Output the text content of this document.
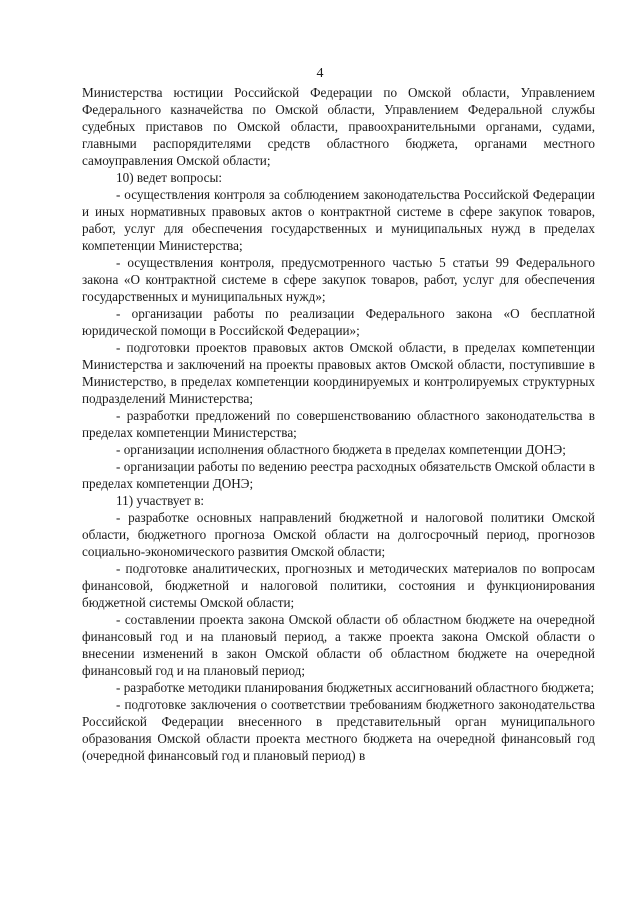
4

Министерства юстиции Российской Федерации по Омской области, Управлением Федерального казначейства по Омской области, Управлением Федеральной службы судебных приставов по Омской области, правоохранительными органами, судами, главными распорядителями средств областного бюджета, органами местного самоуправления Омской области;

10) ведет вопросы:

- осуществления контроля за соблюдением законодательства Российской Федерации и иных нормативных правовых актов о контрактной системе в сфере закупок товаров, работ, услуг для обеспечения государственных и муниципальных нужд в пределах компетенции Министерства;

- осуществления контроля, предусмотренного частью 5 статьи 99 Федерального закона «О контрактной системе в сфере закупок товаров, работ, услуг для обеспечения государственных и муниципальных нужд»;

- организации работы по реализации Федерального закона «О бесплатной юридической помощи в Российской Федерации»;

- подготовки проектов правовых актов Омской области, в пределах компетенции Министерства и заключений на проекты правовых актов Омской области, поступившие в Министерство, в пределах компетенции координируемых и контролируемых структурных подразделений Министерства;

- разработки предложений по совершенствованию областного законодательства в пределах компетенции Министерства;

- организации исполнения областного бюджета в пределах компетенции ДОНЭ;

- организации работы по ведению реестра расходных обязательств Омской области в пределах компетенции ДОНЭ;

11) участвует в:

- разработке основных направлений бюджетной и налоговой политики Омской области, бюджетного прогноза Омской области на долгосрочный период, прогнозов социально-экономического развития Омской области;

- подготовке аналитических, прогнозных и методических материалов по вопросам финансовой, бюджетной и налоговой политики, состояния и функционирования бюджетной системы Омской области;

- составлении проекта закона Омской области об областном бюджете на очередной финансовый год и на плановый период, а также проекта закона Омской области о внесении изменений в закон Омской области об областном бюджете на очередной финансовый год и на плановый период;

- разработке методики планирования бюджетных ассигнований областного бюджета;

- подготовке заключения о соответствии требованиям бюджетного законодательства Российской Федерации внесенного в представительный орган муниципального образования Омской области проекта местного бюджета на очередной финансовый год (очередной финансовый год и плановый период) в
